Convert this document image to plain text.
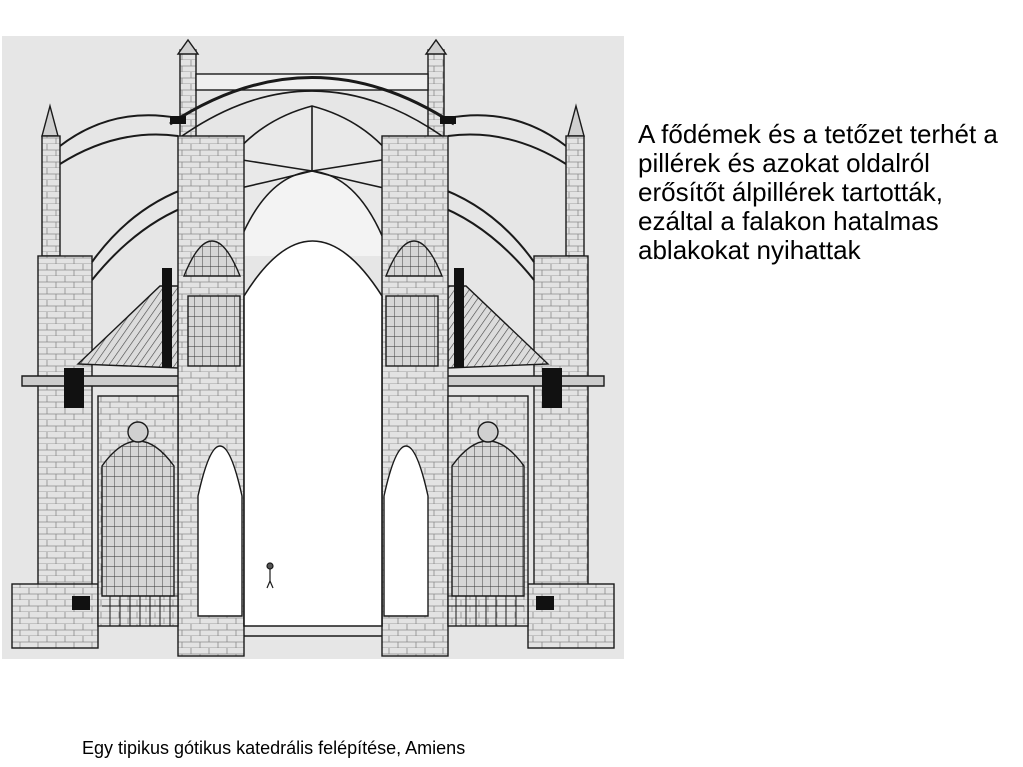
A fődémek és a tetőzet terhét a pillérek és azokat oldalról erősítőt álpillérek tartották, ezáltal a falakon hatalmas ablakokat nyihattak

Egy tipikus gótikus katedrális felépítése, Amiens
